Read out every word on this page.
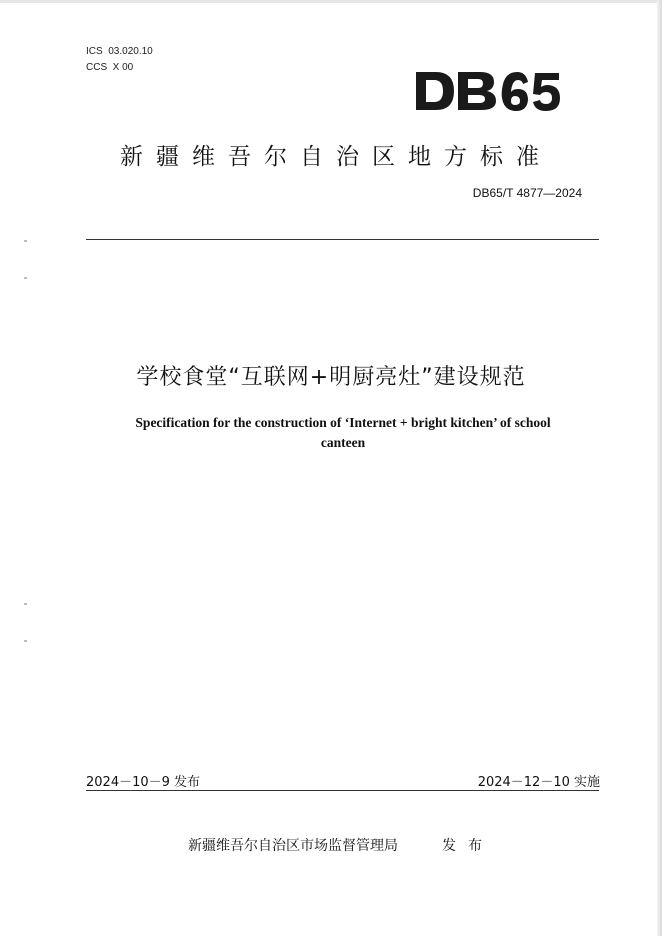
ICS  03.020.10
CCS  X 00
新疆维吾尔自治区地方标准
DB65/T 4877—2024
学校食堂“互联网+明厨亮灶”建设规范
Specification for the construction of ‘Internet + bright kitchen’ of school
canteen
2024－10－9 发布	2024－12－10 实施
新疆维吾尔自治区市场监督管理局	发布
